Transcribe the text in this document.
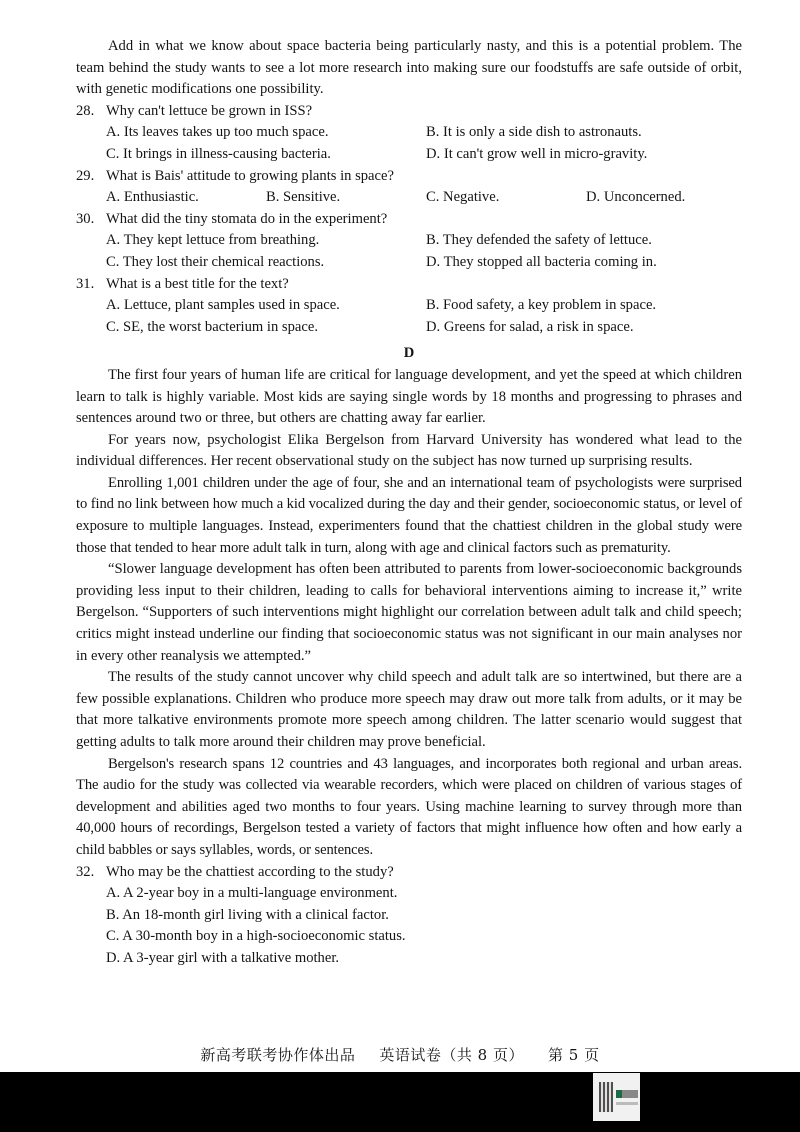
Add in what we know about space bacteria being particularly nasty, and this is a potential problem. The team behind the study wants to see a lot more research into making sure our foodstuffs are safe outside of orbit, with genetic modifications one possibility.

28. Why can't lettuce be grown in ISS?
A. Its leaves takes up too much space.	B. It is only a side dish to astronauts.
C. It brings in illness-causing bacteria.	D. It can't grow well in micro-gravity.
29. What is Bais' attitude to growing plants in space?
A. Enthusiastic.	B. Sensitive.	C. Negative.	D. Unconcerned.
30. What did the tiny stomata do in the experiment?
A. They kept lettuce from breathing.	B. They defended the safety of lettuce.
C. They lost their chemical reactions.	D. They stopped all bacteria coming in.
31. What is a best title for the text?
A. Lettuce, plant samples used in space.	B. Food safety, a key problem in space.
C. SE, the worst bacterium in space.	D. Greens for salad, a risk in space.
D

The first four years of human life are critical for language development, and yet the speed at which children learn to talk is highly variable. Most kids are saying single words by 18 months and progressing to phrases and sentences around two or three, but others are chatting away far earlier.

For years now, psychologist Elika Bergelson from Harvard University has wondered what lead to the individual differences. Her recent observational study on the subject has now turned up surprising results.

Enrolling 1,001 children under the age of four, she and an international team of psychologists were surprised to find no link between how much a kid vocalized during the day and their gender, socioeconomic status, or level of exposure to multiple languages. Instead, experimenters found that the chattiest children in the global study were those that tended to hear more adult talk in turn, along with age and clinical factors such as prematurity.

“Slower language development has often been attributed to parents from lower-socioeconomic backgrounds providing less input to their children, leading to calls for behavioral interventions aiming to increase it,” write Bergelson. “Supporters of such interventions might highlight our correlation between adult talk and child speech; critics might instead underline our finding that socioeconomic status was not significant in our main analyses nor in every other reanalysis we attempted.”

The results of the study cannot uncover why child speech and adult talk are so intertwined, but there are a few possible explanations. Children who produce more speech may draw out more talk from adults, or it may be that more talkative environments promote more speech among children. The latter scenario would suggest that getting adults to talk more around their children may prove beneficial.

Bergelson's research spans 12 countries and 43 languages, and incorporates both regional and urban areas. The audio for the study was collected via wearable recorders, which were placed on children of various stages of development and abilities aged two months to four years. Using machine learning to survey through more than 40,000 hours of recordings, Bergelson tested a variety of factors that might influence how often and how early a child babbles or says syllables, words, or sentences.

32. Who may be the chattiest according to the study?
A. A 2-year boy in a multi-language environment.
B. An 18-month girl living with a clinical factor.
C. A 30-month boy in a high-socioeconomic status.
D. A 3-year girl with a talkative mother.
新高考联考协作体出品 英语试卷（共 8 页） 第 5 页
